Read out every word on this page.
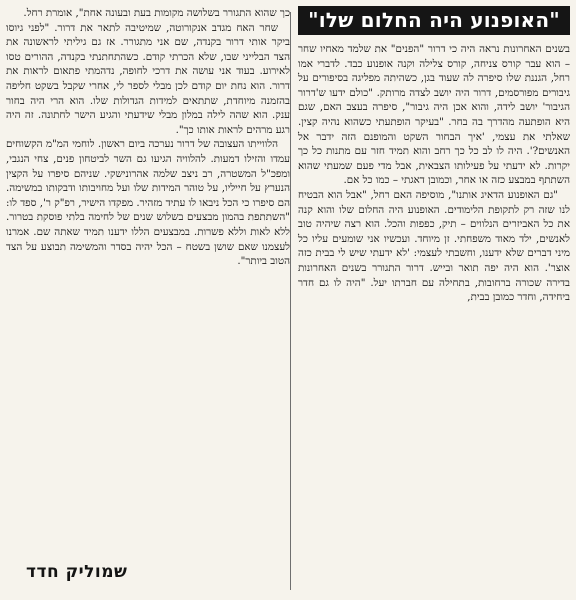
"האופנוע היה החלום שלו"

בשנים האחרונות נראה היה כי דרור "הפנים" את שלמד מאחיו שחר – הוא עבר קורס צניחה, קורס צלילה וקנה אופנוע כבד. לדברי אמו רחל, הגננת שלו סיפרה לה שעוד בגן, כשהיתה מפליגה בסיפורים על גיבורים מפורסמים, דרור היה יושב לצדה מרותק. "כולם ידעו ש'דרור הגיבור' יושב לידה, והוא אכן היה גיבור", סיפרה בעצב האם, שגם היא הופתעה מהדרך בה בחר. "בעיקר הופתעתי כשהוא נהיה קצין. שאלתי את עצמי, 'איך הבחור השקט והמופנם הזה ידבר אל האנשים?'. היה לו לב כל כך רחב והוא תמיד חזר עם מתנות כל כך יקרות. לא ידעתי על פעילותו הצבאית, אבל מדי פעם שמעתי שהוא השתתף במבצע כזה או אחר, וכמובן דאגתי – כמו כל אם.

"גם האופנוע הדאיג אותנו", מוסיפה האם רחל, "אבל הוא הבטיח לנו שזה רק לתקופת הלימודים. האופנוע היה החלום שלו והוא קנה את כל האביזרים הנלווים – תיק, כפפות והכל. הוא רצה שיהיה טוב לאנשים, ילד מאוד משפחתי. זן מיוחד. ועכשיו אני שומעים עליו כל מיני דברים שלא ידענו, וחשבתי לעצמי: 'לא ידעתי שיש לי בבית כזה אוצר'. הוא היה יפה תואר ובייש. דרור התגורר בשנים האחרונות בדירה שכורה ברחובות, בתחילה עם חברתו יעל. "היה לו גם חדר ביחידה, וחדר כמובן בבית,

כך שהוא התגורר בשלושה מקומות בעת ובעונה אחת", אומרת רחל.

שחר האח מגדב אנקורוטה, שמיטיבה לתאר את דרור. "לפני גיוסו ביקר אותי דרור בקנדה, שם אני מתגורר. אז גם גיליתי לראשונה את הצד הבלייני שבו, שלא הכרתי קודם. כשהתחתנתי בקנדה, ההורים טסו לאירוע. בעוד אני עושה את דרכי לחופה, נדהמתי פתאום לראות את דרור. הוא נחת יום קודם לכן מבלי לספר לי, אחרי שקבל בשקט חליפה בהזמנה מיוחדת, שתתאים למידות הגדולות שלו. הוא הרי היה בחור ענק. הוא שהה לילה במלון מבלי שידעתי והגיע הישר לחתונה. זה היה רגע מרהים לראות אותו כך".

הלווייתו העצובה של דרור נערכה ביום ראשון. לוחמי המ"מ הקשוחים עמדו והזילו דמעות. להלוויה הגיעו גם השר לביטחון פנים, צחי הנגבי, ומפכ"ל המשטרה, רב ניצב שלמה אהרונישקי. שניהם סיפרו על הקצין הנערץ על חייליו, על טוהר המידות שלו ועל מחויבותו ודבקותו במשימה. הם סיפרו כי הכל ניבאו לו עתיד מזהיר. מפקדו הישיר, רפ"ק ר', ספד לו: "השתתפת בהמון מבצעים בשלוש שנים של לחימה בלתי פוסקת בטרור. ללא לאות וללא פשרות. במבצעים הללו ידענו תמיד שאתה שם. אמרנו לעצמנו שאם שושן בשטח – הכל יהיה בסדר והמשימה תבוצע על הצד הטוב ביותר".

שמוליק חדד
